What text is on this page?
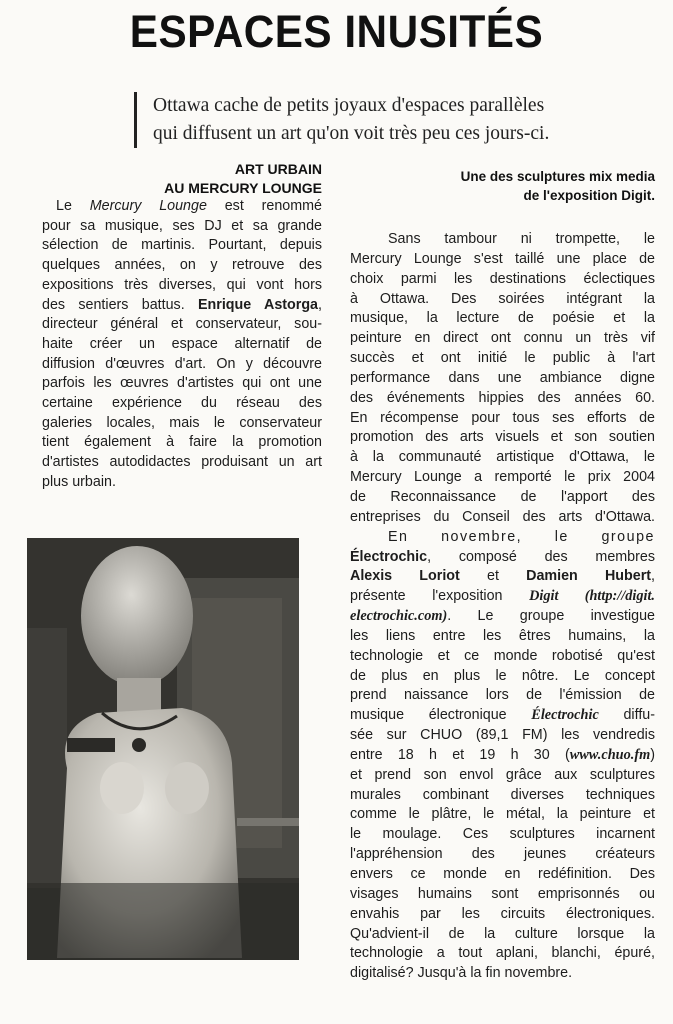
ESPACES INUSITÉS
Ottawa cache de petits joyaux d'espaces parallèles
qui diffusent un art qu'on voit très peu ces jours-ci.
ART URBAIN
AU MERCURY LOUNGE
Le Mercury Lounge est renommé
pour sa musique, ses DJ et sa grande
sélection de martinis. Pourtant, depuis
quelques années, on y retrouve des
expositions très diverses, qui vont hors
des sentiers battus. Enrique Astorga,
directeur général et conservateur, sou-
haite créer un espace alternatif de
diffusion d'œuvres d'art. On y découvre
parfois les œuvres d'artistes qui ont une
certaine expérience du réseau des
galeries locales, mais le conservateur
tient également à faire la promotion
d'artistes autodidactes produisant un art
plus urbain.
Une des sculptures mix media
de l'exposition Digit.
Sans tambour ni trompette, le
Mercury Lounge s'est taillé une place de
choix parmi les destinations éclectiques
à Ottawa. Des soirées intégrant la
musique, la lecture de poésie et la
peinture en direct ont connu un très vif
succès et ont initié le public à l'art
performance dans une ambiance digne
des événements hippies des années 60.
En récompense pour tous ses efforts de
promotion des arts visuels et son soutien
à la communauté artistique d'Ottawa, le
Mercury Lounge a remporté le prix 2004
de Reconnaissance de l'apport des
entreprises du Conseil des arts d'Ottawa.
En novembre, le groupe
Électrochic, composé des membres
Alexis Loriot et Damien Hubert,
présente l'exposition Digit (http://digit.
electrochic.com). Le groupe investigue
les liens entre les êtres humains, la
technologie et ce monde robotisé qu'est
de plus en plus le nôtre. Le concept
prend naissance lors de l'émission de
musique électronique Électrochic diffu-
sée sur CHUO (89,1 FM) les vendredis
entre 18 h et 19 h 30 (www.chuo.fm)
et prend son envol grâce aux sculptures
murales combinant diverses techniques
comme le plâtre, le métal, la peinture et
le moulage. Ces sculptures incarnent
l'appréhension des jeunes créateurs
envers ce monde en redéfinition. Des
visages humains sont emprisonnés ou
envahis par les circuits électroniques.
Qu'advient-il de la culture lorsque la
technologie a tout aplani, blanchi, épuré,
digitalisé? Jusqu'à la fin novembre.
